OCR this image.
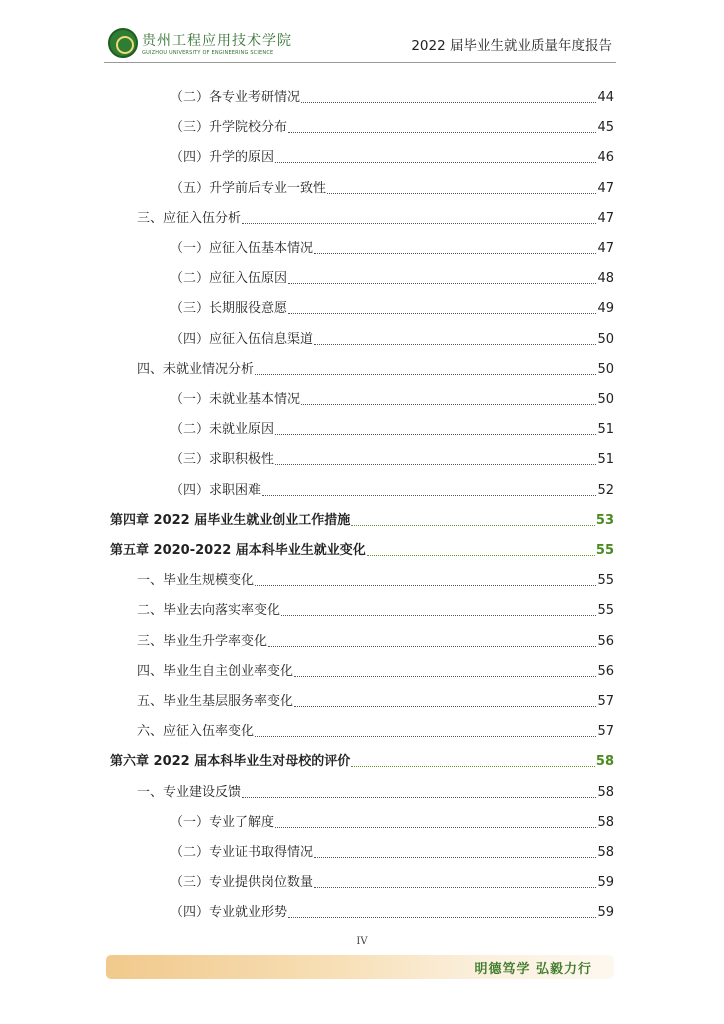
贵州工程应用技术学院
GUIZHOU UNIVERSITY OF ENGINEERING SCIENCE	2022 届毕业生就业质量年度报告
（二）各专业考研情况	44
（三）升学院校分布	45
（四）升学的原因	46
（五）升学前后专业一致性	47
三、应征入伍分析	47
（一）应征入伍基本情况	47
（二）应征入伍原因	48
（三）长期服役意愿	49
（四）应征入伍信息渠道	50
四、未就业情况分析	50
（一）未就业基本情况	50
（二）未就业原因	51
（三）求职积极性	51
（四）求职困难	52
第四章 2022 届毕业生就业创业工作措施	53
第五章 2020-2022 届本科毕业生就业变化	55
一、毕业生规模变化	55
二、毕业去向落实率变化	55
三、毕业生升学率变化	56
四、毕业生自主创业率变化	56
五、毕业生基层服务率变化	57
六、应征入伍率变化	57
第六章 2022 届本科毕业生对母校的评价	58
一、专业建设反馈	58
（一）专业了解度	58
（二）专业证书取得情况	58
（三）专业提供岗位数量	59
（四）专业就业形势	59
IV
明德笃学 弘毅力行
